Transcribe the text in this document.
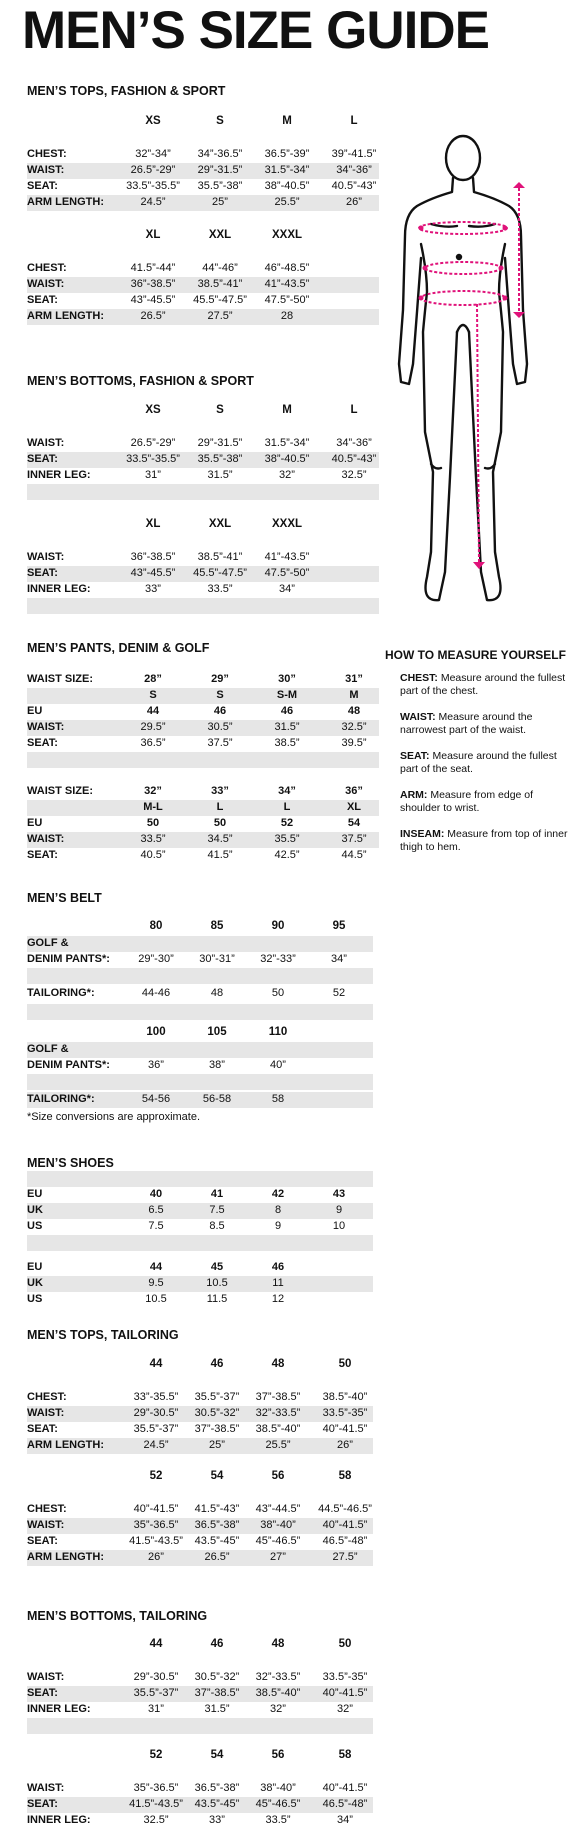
MEN’S SIZE GUIDE
MEN’S TOPS, FASHION & SPORT
XS	S	M	L
CHEST:	32”-34” 34”-36.5” 36.5”-39” 39”-41.5”
WAIST:	26.5”-29” 29”-31.5” 31.5”-34” 34”-36”
SEAT:	33.5”-35.5” 35.5”-38” 38”-40.5” 40.5”-43”
ARM LENGTH:	24.5”	25”	25.5”	26”
XL	XXL	XXXL
CHEST:	41.5”-44” 44”-46” 46”-48.5”
WAIST:	36”-38.5” 38.5”-41” 41”-43.5”
SEAT:	43”-45.5” 45.5”-47.5” 47.5”-50”
ARM LENGTH:	26.5”	27.5”	28
MEN’S BOTTOMS, FASHION & SPORT
XS	S	M	L
WAIST:	26.5”-29” 29”-31.5” 31.5”-34” 34”-36”
SEAT:	33.5”-35.5” 35.5”-38” 38”-40.5” 40.5”-43”
INNER LEG:	31”	31.5”	32”	32.5”
XL	XXL	XXXL
WAIST:	36”-38.5” 38.5”-41” 41”-43.5”
SEAT:	43”-45.5” 45.5”-47.5” 47.5”-50”
INNER LEG:	33”	33.5”	34”
MEN’S PANTS, DENIM & GOLF
WAIST SIZE:	28”	29”	30”	31”
S	S	S-M	M
EU	44	46	46	48
WAIST:	29.5”	30.5”	31.5”	32.5”
SEAT:	36.5”	37.5”	38.5”	39.5”
WAIST SIZE:	32”	33”	34”	36”
M-L	L	L	XL
EU	50	50	52	54
WAIST:	33.5”	34.5”	35.5”	37.5”
SEAT:	40.5”	41.5”	42.5”	44.5”
MEN’S BELT
80	85	90	95
GOLF &
DENIM PANTS*:	29”-30” 30”-31” 32”-33”	34”
TAILORING*:	44-46	48	50	52
100	105	110
GOLF &
DENIM PANTS*:	36”	38”	40”
TAILORING*:	54-56	56-58	58
*Size conversions are approximate.
MEN’S SHOES
EU	40	41	42	43
UK	6.5	7.5	8	9
US	7.5	8.5	9	10
EU	44	45	46
UK	9.5	10.5	11
US	10.5	11.5	12
MEN’S TOPS, TAILORING
44	46	48	50
CHEST:	33”-35.5” 35.5”-37” 37”-38.5” 38.5”-40”
WAIST:	29”-30.5” 30.5”-32” 32”-33.5” 33.5”-35”
SEAT:	35.5”-37” 37”-38.5” 38.5”-40” 40”-41.5”
ARM LENGTH:	24.5”	25”	25.5”	26”
52	54	56	58
CHEST:	40”-41.5” 41.5”-43” 43”-44.5” 44.5”-46.5”
WAIST:	35”-36.5” 36.5”-38” 38”-40” 40”-41.5”
SEAT:	41.5”-43.5” 43.5”-45” 45”-46.5” 46.5”-48”
ARM LENGTH:	26”	26.5”	27”	27.5”
MEN’S BOTTOMS, TAILORING
44	46	48	50
WAIST:	29”-30.5” 30.5”-32” 32”-33.5” 33.5”-35”
SEAT:	35.5”-37” 37”-38.5” 38.5”-40” 40”-41.5”
INNER LEG:	31”	31.5”	32”	32”
52	54	56	58
WAIST:	35”-36.5” 36.5”-38” 38”-40” 40”-41.5”
SEAT:	41.5”-43.5” 43.5”-45” 45”-46.5” 46.5”-48”
INNER LEG:	32.5”	33”	33.5”	34”
HOW TO MEASURE YOURSELF

CHEST: Measure around the fullest part of the chest.

WAIST: Measure around the narrowest part of the waist.

SEAT: Measure around the fullest part of the seat.

ARM: Measure from edge of shoulder to wrist.

INSEAM: Measure from top of inner thigh to hem.
